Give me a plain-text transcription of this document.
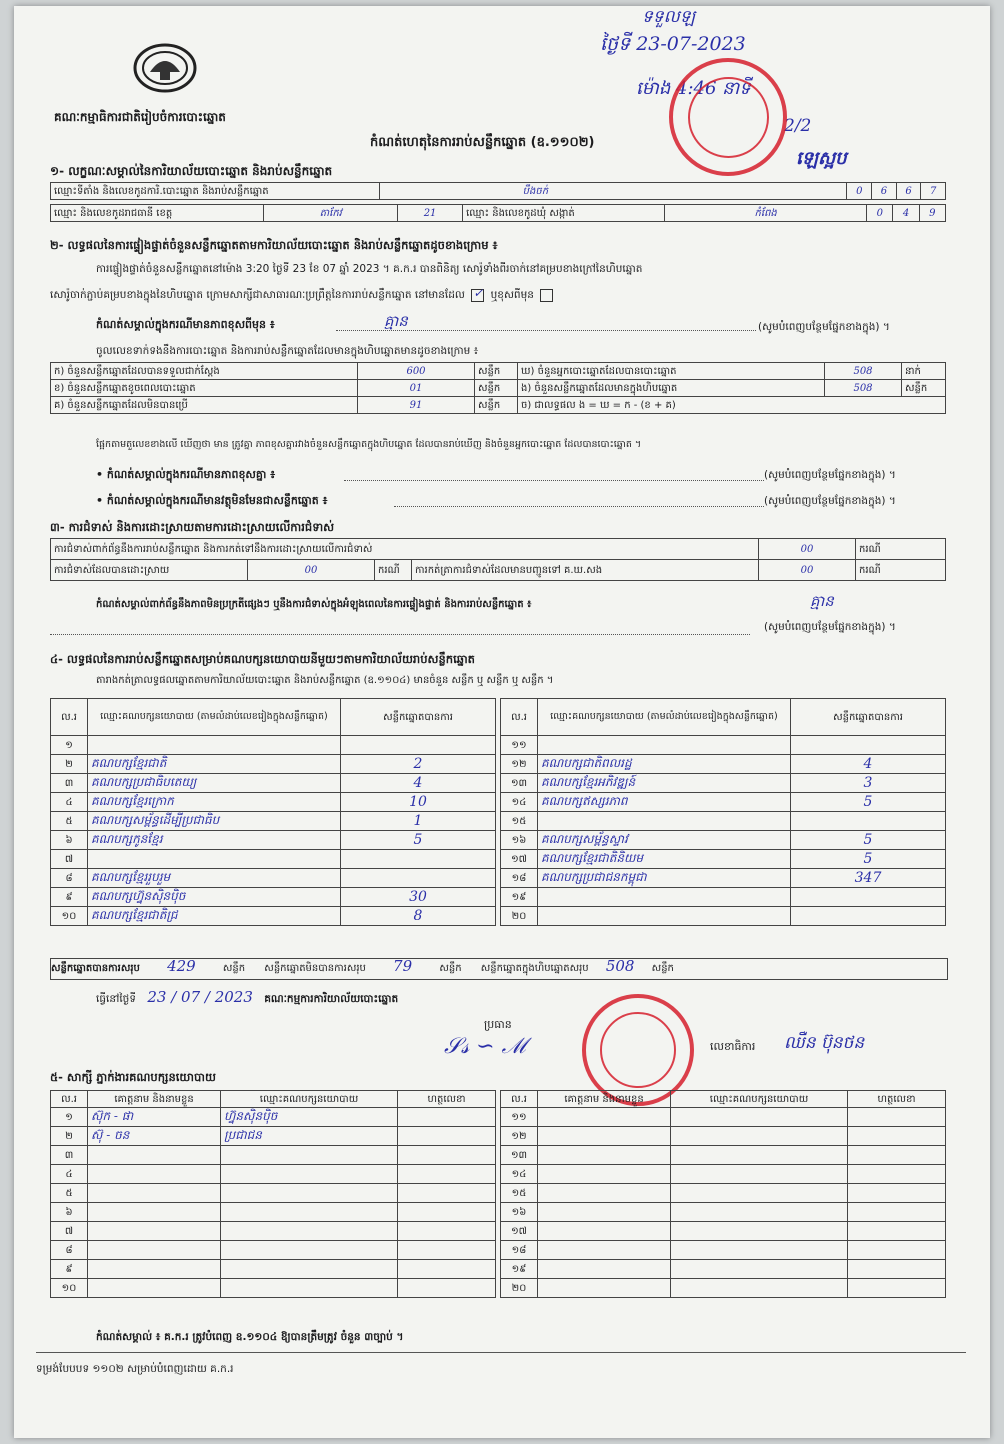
គណៈកម្មាធិការជាតិរៀបចំការបោះឆ្នោត
កំណត់ហេតុនៃការរាប់សន្លឹកឆ្នោត (ឧ.១១០២)
ទទួលឡ
ថ្ងៃទី 23-07-2023
ម៉ោង 4:46 នាទី
2/2
ឡេស្អប
១- លក្ខណៈសម្គាល់នៃការិយាល័យបោះឆ្នោត និងរាប់សន្លឹកឆ្នោត
ឈ្មោះទីតាំង និងលេខកូដការិ.បោះឆ្នោត និងរាប់សន្លឹកឆ្នោត	បឹងចក់	0	6	6	7
ឈ្មោះ និងលេខកូដរាជធានី ខេត្ត	តាកែវ	21	ឈ្មោះ និងលេខកូដឃុំ សង្កាត់	កំពែង	0	4	9
២- លទ្ធផលនៃការផ្ទៀងផ្ទាត់ចំនួនសន្លឹកឆ្នោតតាមការិយាល័យបោះឆ្នោត និងរាប់សន្លឹកឆ្នោតដូចខាងក្រោម ៖
ការផ្ទៀងផ្ទាត់ចំនួនសន្លឹកឆ្នោតនៅម៉ោង 3:20 ថ្ងៃទី 23 ខែ 07 ឆ្នាំ 2023 ។ គ.ក.រ បានពិនិត្យ សោរ៉ូទាំងពីរចាក់នៅគម្របខាងក្រៅនៃហិបឆ្នោត
សោរ៉ូចាក់ភ្ជាប់គម្របខាងក្នុងនៃហិបឆ្នោត ក្រោមសាក្សីជាសាធារណៈប្រព្រឹត្តនៃការរាប់សន្លឹកឆ្នោត នៅមានដែល ✓ ឬខុសពីមុន
កំណត់សម្គាល់ក្នុងករណីមានភាពខុសពីមុន ៖	គ្មាន	(សូមបំពេញបន្ថែមផ្នែកខាងក្នុង) ។
ចូលលេខទាក់ទងនឹងការបោះឆ្នោត និងការរាប់សន្លឹកឆ្នោតដែលមានក្នុងហិបឆ្នោតមានដូចខាងក្រោម ៖
ក) ចំនួនសន្លឹកឆ្នោតដែលបានទទួលជាក់ស្តែង	600	សន្លឹក	ឃ) ចំនួនអ្នកបោះឆ្នោតដែលបានបោះឆ្នោត	508	នាក់
ខ) ចំនួនសន្លឹកឆ្នោតខូចពេលបោះឆ្នោត	01	សន្លឹក	ង) ចំនួនសន្លឹកឆ្នោតដែលមានក្នុងហិបឆ្នោត	508	សន្លឹក
គ) ចំនួនសន្លឹកឆ្នោតដែលមិនបានប្រើ	91	សន្លឹក	ច) ជាលទ្ធផល ង = ឃ = ក - (ខ + គ)		
ផ្អែកតាមតួលេខខាងលើ ឃើញថា មាន ត្រូវគ្នា ភាពខុសគ្នារវាងចំនួនសន្លឹកឆ្នោតក្នុងហិបឆ្នោត ដែលបានរាប់ឃើញ និងចំនួនអ្នកបោះឆ្នោត ដែលបានបោះឆ្នោត ។
• កំណត់សម្គាល់ក្នុងករណីមានភាពខុសគ្នា ៖	(សូមបំពេញបន្ថែមផ្នែកខាងក្នុង) ។
• កំណត់សម្គាល់ក្នុងករណីមានវត្ថុមិនមែនជាសន្លឹកឆ្នោត ៖	(សូមបំពេញបន្ថែមផ្នែកខាងក្នុង) ។
៣- ការជំទាស់ និងការដោះស្រាយតាមការដោះស្រាយលើការជំទាស់
ការជំទាស់ពាក់ព័ន្ធនឹងការរាប់សន្លឹកឆ្នោត និងការកត់ទៅនឹងការដោះស្រាយលើការជំទាស់				00	ករណី
ការជំទាស់ដែលបានដោះស្រាយ	00	ករណី	ការកត់ត្រាការជំទាស់ដែលមានបញ្ជូនទៅ គ.ឃ.សង	00	ករណី
កំណត់សម្គាល់ពាក់ព័ន្ធនឹងភាពមិនប្រក្រតីផ្សេងៗ ឬនឹងការជំទាស់ក្នុងអំឡុងពេលនៃការផ្ទៀងផ្ទាត់ និងការរាប់សន្លឹកឆ្នោត ៖	គ្មាន
(សូមបំពេញបន្ថែមផ្នែកខាងក្នុង) ។
៤- លទ្ធផលនៃការរាប់សន្លឹកឆ្នោតសម្រាប់គណបក្សនយោបាយនីមួយៗតាមការិយាល័យរាប់សន្លឹកឆ្នោត
តារាងកត់ត្រាលទ្ធផលឆ្នោតតាមការិយាល័យបោះឆ្នោត និងរាប់សន្លឹកឆ្នោត (ឧ.១១០៤) មានចំនួន សន្លឹក ឬ សន្លឹក ឬ សន្លឹក ។
ល.រ	ឈ្មោះគណបក្សនយោបាយ (តាមលំដាប់លេខរៀងក្នុងសន្លឹកឆ្នោត)	សន្លឹកឆ្នោតបានការ
១		
២	គណបក្សខ្មែរជាតិ	2
៣	គណបក្សប្រជាធិបតេយ្យ	4
៤	គណបក្សខ្មែរក្រោក	10
៥	គណបក្សសម្ព័ន្ធដើម្បីប្រជាធិប	1
៦	គណបក្សកូនខ្មែរ	5
៧		
៨	គណបក្សខ្មែររួបរួម	
៩	គណបក្សហ្វ៊ុនស៊ិនប៉ិច	30
១០	គណបក្សខ្មែរជាតិជ្រ	8
ល.រ	ឈ្មោះគណបក្សនយោបាយ (តាមលំដាប់លេខរៀងក្នុងសន្លឹកឆ្នោត)	សន្លឹកឆ្នោតបានការ
១១		
១២	គណបក្សជាតិពលរដ្ឋ	4
១៣	គណបក្សខ្មែរអភិវឌ្ឍន៍	3
១៤	គណបក្សឥស្សរភាព	5
១៥		
១៦	គណបក្សសម្ព័ន្ធស្ទាវ	5
១៧	គណបក្សខ្មែរជាតិនិយម	5
១៨	គណបក្សប្រជាជនកម្ពុជា	347
១៩		
២០		
សន្លឹកឆ្នោតបានការសរុប 429	សន្លឹក សន្លឹកឆ្នោតមិនបានការសរុប 79	សន្លឹក សន្លឹកឆ្នោតក្នុងហិបឆ្នោតសរុប 508 សន្លឹក
ធ្វើនៅថ្ងៃទី 23 / 07 / 2023 គណៈកម្មការការិយាល័យបោះឆ្នោត
ប្រធាន
𝒮𝓈 ∽ ℳ	លេខាធិការ ឈឺន ប៊ុនថន
៥- សាក្សី ភ្នាក់ងារគណបក្សនយោបាយ
ល.រ	គោត្តនាម និងនាមខ្លួន	ឈ្មោះគណបក្សនយោបាយ	ហត្ថលេខា
១	ស៊ុក - ផា	ហ្វ៊ុនស៊ិនប៉ិច	
២	ស៊ុ - ចន	ប្រជាជន	
៣			
៤			
៥			
៦			
៧			
៨			
៩			
១០			
ល.រ	គោត្តនាម និងនាមខ្លួន	ឈ្មោះគណបក្សនយោបាយ	ហត្ថលេខា
១១			
១២			
១៣			
១៤			
១៥			
១៦			
១៧			
១៨			
១៩			
២០			
កំណត់សម្គាល់ ៖ គ.ក.រ ត្រូវបំពេញ ឧ.១១០៤ ឱ្យបានត្រឹមត្រូវ ចំនួន ៣ច្បាប់ ។
ទម្រង់បែបបទ ១១០២ សម្រាប់បំពេញដោយ គ.ក.រ
